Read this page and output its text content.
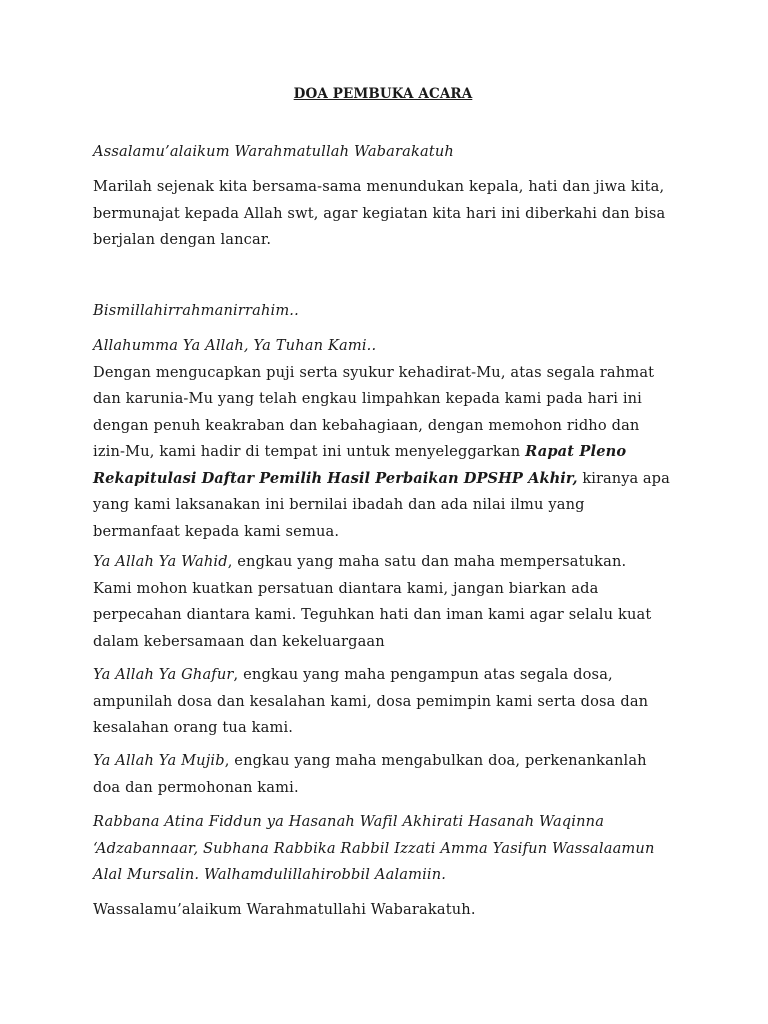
DOA PEMBUKA ACARA
Assalamu’alaikum Warahmatullah Wabarakatuh
Marilah sejenak kita bersama-sama menundukan kepala, hati dan jiwa kita,
bermunajat kepada Allah swt, agar kegiatan kita hari ini diberkahi dan bisa
berjalan dengan lancar.
Bismillahirrahmanirrahim..
Allahumma Ya Allah, Ya Tuhan Kami..
Dengan mengucapkan puji serta syukur kehadirat-Mu, atas segala rahmat
dan karunia-Mu yang telah engkau limpahkan kepada kami pada hari ini
dengan penuh keakraban dan kebahagiaan, dengan memohon ridho dan
izin-Mu, kami hadir di tempat ini untuk menyeleggarkan Rapat Pleno
Rekapitulasi Daftar Pemilih Hasil Perbaikan DPSHP Akhir, kiranya apa
yang kami laksanakan ini bernilai ibadah dan ada nilai ilmu yang
bermanfaat kepada kami semua.
Ya Allah Ya Wahid, engkau yang maha satu dan maha mempersatukan.
Kami mohon kuatkan persatuan diantara kami, jangan biarkan ada
perpecahan diantara kami. Teguhkan hati dan iman kami agar selalu kuat
dalam kebersamaan dan kekeluargaan
Ya Allah Ya Ghafur, engkau yang maha pengampun atas segala dosa,
ampunilah dosa dan kesalahan kami, dosa pemimpin kami serta dosa dan
kesalahan orang tua kami.
Ya Allah Ya Mujib, engkau yang maha mengabulkan doa, perkenankanlah
doa dan permohonan kami.
Rabbana Atina Fiddun ya Hasanah Wafil Akhirati Hasanah Waqinna
‘Adzabannaar, Subhana Rabbika Rabbil Izzati Amma Yasifun Wassalaamun
Alal Mursalin. Walhamdulillahirobbil Aalamiin.
Wassalamu’alaikum Warahmatullahi Wabarakatuh.
